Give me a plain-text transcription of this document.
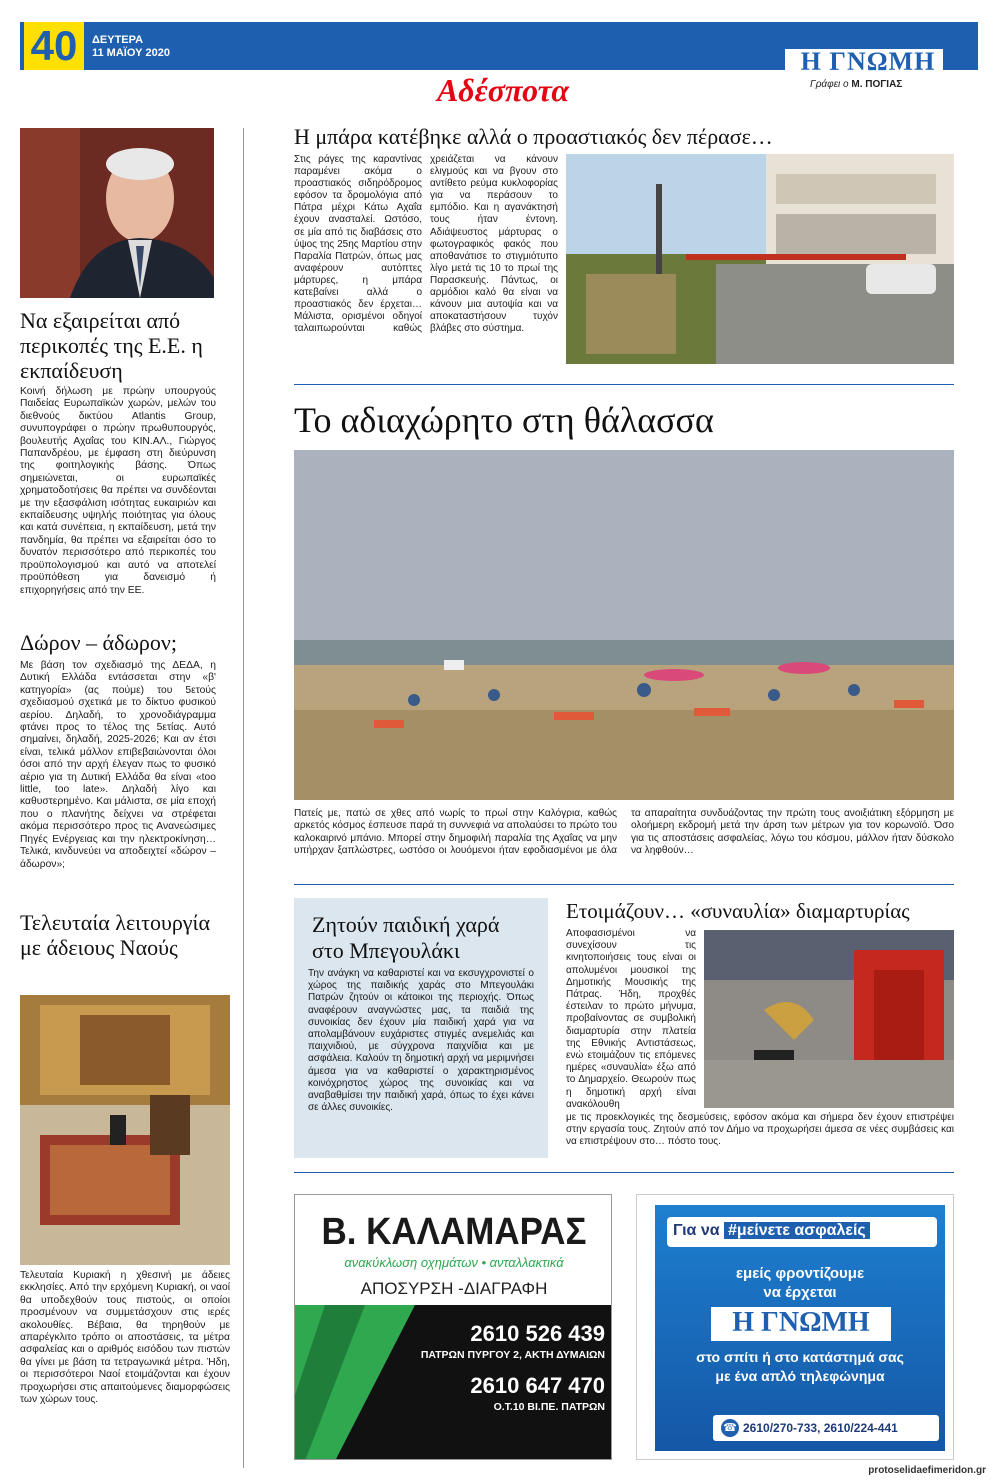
40	ΔΕΥΤΕΡΑ
11 ΜΑΪΟΥ 2020	Η ΓΝΩΜΗ
Γράφει ο Μ. ΠΟΓΙΑΣ
Αδέσποτα
Να εξαιρείται από περικοπές της Ε.Ε. η εκπαίδευση
Κοινή δήλωση με πρώην υπουργούς Παιδείας Ευρωπαϊκών χωρών, μελών του διεθνούς δικτύου Atlantis Group, συνυπογράφει ο πρώην πρωθυπουργός, βουλευτής Αχαΐας του ΚΙΝ.ΑΛ., Γιώργος Παπανδρέου, με έμφαση στη διεύρυνση της φοιτηλογικής βάσης. Όπως σημειώνεται, οι ευρωπαϊκές χρηματοδοτήσεις θα πρέπει να συνδέονται με την εξασφάλιση ισότητας ευκαιριών και εκπαίδευσης υψηλής ποιότητας για όλους και κατά συνέπεια, η εκπαίδευση, μετά την πανδημία, θα πρέπει να εξαιρείται όσο το δυνατόν περισσότερο από περικοπές του προϋπολογισμού και αυτό να αποτελεί προϋπόθεση για δανεισμό ή επιχορηγήσεις από την ΕΕ.
Δώρον – άδωρον;
Με βάση τον σχεδιασμό της ΔΕΔΑ, η Δυτική Ελλάδα εντάσσεται στην «β' κατηγορία» (ας πούμε) του 5ετούς σχεδιασμού σχετικά με το δίκτυο φυσικού αερίου. Δηλαδή, το χρονοδιάγραμμα φτάνει προς το τέλος της 5ετίας. Αυτό σημαίνει, δηλαδή, 2025-2026; Και αν έτσι είναι, τελικά μάλλον επιβεβαιώνονται όλοι όσοι από την αρχή έλεγαν πως το φυσικό αέριο για τη Δυτική Ελλάδα θα είναι «too little, too late». Δηλαδή λίγο και καθυστερημένο. Και μάλιστα, σε μία εποχή που ο πλανήτης δείχνει να στρέφεται ακόμα περισσότερο προς τις Ανανεώσιμες Πηγές Ενέργειας και την ηλεκτροκίνηση… Τελικά, κινδυνεύει να αποδειχτεί «δώρον – άδωρον»;
Τελευταία λειτουργία με άδειους Ναούς
Τελευταία Κυριακή η χθεσινή με άδειες εκκλησίες. Από την ερχόμενη Κυριακή, οι ναοί θα υποδεχθούν τους πιστούς, οι οποίοι προσμένουν να συμμετάσχουν στις ιερές ακολουθίες. Βέβαια, θα τηρηθούν με απαρέγκλιτο τρόπο οι αποστάσεις, τα μέτρα ασφαλείας και ο αριθμός εισόδου των πιστών θα γίνει με βάση τα τετραγωνικά μέτρα. Ήδη, οι περισσότεροι Ναοί ετοιμάζονται και έχουν προχωρήσει στις απαιτούμενες διαμορφώσεις των χώρων τους.
Η μπάρα κατέβηκε αλλά ο προαστιακός δεν πέρασε…
Στις ράγες της καραντίνας παραμένει ακόμα ο προαστιακός σιδηρόδρομος εφόσον τα δρομολόγια από Πάτρα μέχρι Κάτω Αχαΐα έχουν ανασταλεί. Ωστόσο, σε μία από τις διαβάσεις στο ύψος της 25ης Μαρτίου στην Παραλία Πατρών, όπως μας αναφέρουν αυτόπτες μάρτυρες, η μπάρα κατεβαίνει αλλά ο προαστιακός δεν έρχεται… Μάλιστα, ορισμένοι οδηγοί ταλαιπωρούνται καθώς χρειάζεται να κάνουν ελιγμούς και να βγουν στο αντίθετο ρεύμα κυκλοφορίας για να περάσουν το εμπόδιο. Και η αγανάκτησή τους ήταν έντονη. Αδιάψευστος μάρτυρας ο φωτογραφικός φακός που αποθανάτισε το στιγμιότυπο λίγο μετά τις 10 το πρωί της Παρασκευής. Πάντως, οι αρμόδιοι καλό θα είναι να κάνουν μια αυτοψία και να αποκαταστήσουν τυχόν βλάβες στο σύστημα.
Το αδιαχώρητο στη θάλασσα
Πατείς με, πατώ σε χθες από νωρίς το πρωί στην Καλόγρια, καθώς αρκετός κόσμος έσπευσε παρά τη συννεφιά να απολαύσει το πρώτο του καλοκαιρινό μπάνιο. Μπορεί στην δημοφιλή παραλία της Αχαΐας να μην υπήρχαν ξαπλώστρες, ωστόσο οι λουόμενοι ήταν εφοδιασμένοι με όλα τα απαραίτητα συνδυάζοντας την πρώτη τους ανοιξιάτικη εξόρμηση με ολοήμερη εκδρομή μετά την άρση των μέτρων για τον κορωνοϊό. Όσο για τις αποστάσεις ασφαλείας, λόγω του κόσμου, μάλλον ήταν δύσκολο να ληφθούν…
Ζητούν παιδική χαρά στο Μπεγουλάκι
Την ανάγκη να καθαριστεί και να εκσυγχρονιστεί ο χώρος της παιδικής χαράς στο Μπεγουλάκι Πατρών ζητούν οι κάτοικοι της περιοχής. Όπως αναφέρουν αναγνώστες μας, τα παιδιά της συνοικίας δεν έχουν μία παιδική χαρά για να απολαμβάνουν ευχάριστες στιγμές ανεμελιάς και παιχνιδιού, με σύγχρονα παιχνίδια και με ασφάλεια. Καλούν τη δημοτική αρχή να μεριμνήσει άμεσα για να καθαριστεί ο χαρακτηρισμένος κοινόχρηστος χώρος της συνοικίας και να αναβαθμίσει την παιδική χαρά, όπως το έχει κάνει σε άλλες συνοικίες.
Ετοιμάζουν… «συναυλία» διαμαρτυρίας
Αποφασισμένοι να συνεχίσουν τις κινητοποιήσεις τους είναι οι απολυμένοι μουσικοί της Δημοτικής Μουσικής της Πάτρας. Ήδη, προχθές έστειλαν το πρώτο μήνυμα, προβαίνοντας σε συμβολική διαμαρτυρία στην πλατεία της Εθνικής Αντιστάσεως, ενώ ετοιμάζουν τις επόμενες ημέρες «συναυλία» έξω από το Δημαρχείο. Θεωρούν πως η δημοτική αρχή είναι ανακόλουθη
με τις προεκλογικές της δεσμεύσεις, εφόσον ακόμα και σήμερα δεν έχουν επιστρέψει στην εργασία τους. Ζητούν από τον Δήμο να προχωρήσει άμεσα σε νέες συμβάσεις και να επιστρέψουν στο… πόστο τους.
Β. ΚΑΛΑΜΑΡΑΣ
ανακύκλωση οχημάτων • ανταλλακτικά
ΑΠΟΣΥΡΣΗ -ΔΙΑΓΡΑΦΗ
2610 526 439
ΠΑΤΡΩΝ ΠΥΡΓΟΥ 2, ΑΚΤΗ ΔΥΜΑΙΩΝ
2610 647 470
Ο.Τ.10 ΒΙ.ΠΕ. ΠΑΤΡΩΝ
Για να #μείνετε ασφαλείς
εμείς φροντίζουμε
να έρχεται
Η ΓΝΩΜΗ
στο σπίτι ή στο κατάστημά σας
με ένα απλό τηλεφώνημα
☎ 2610/270-733, 2610/224-441
protoselidaefimeridon.gr
